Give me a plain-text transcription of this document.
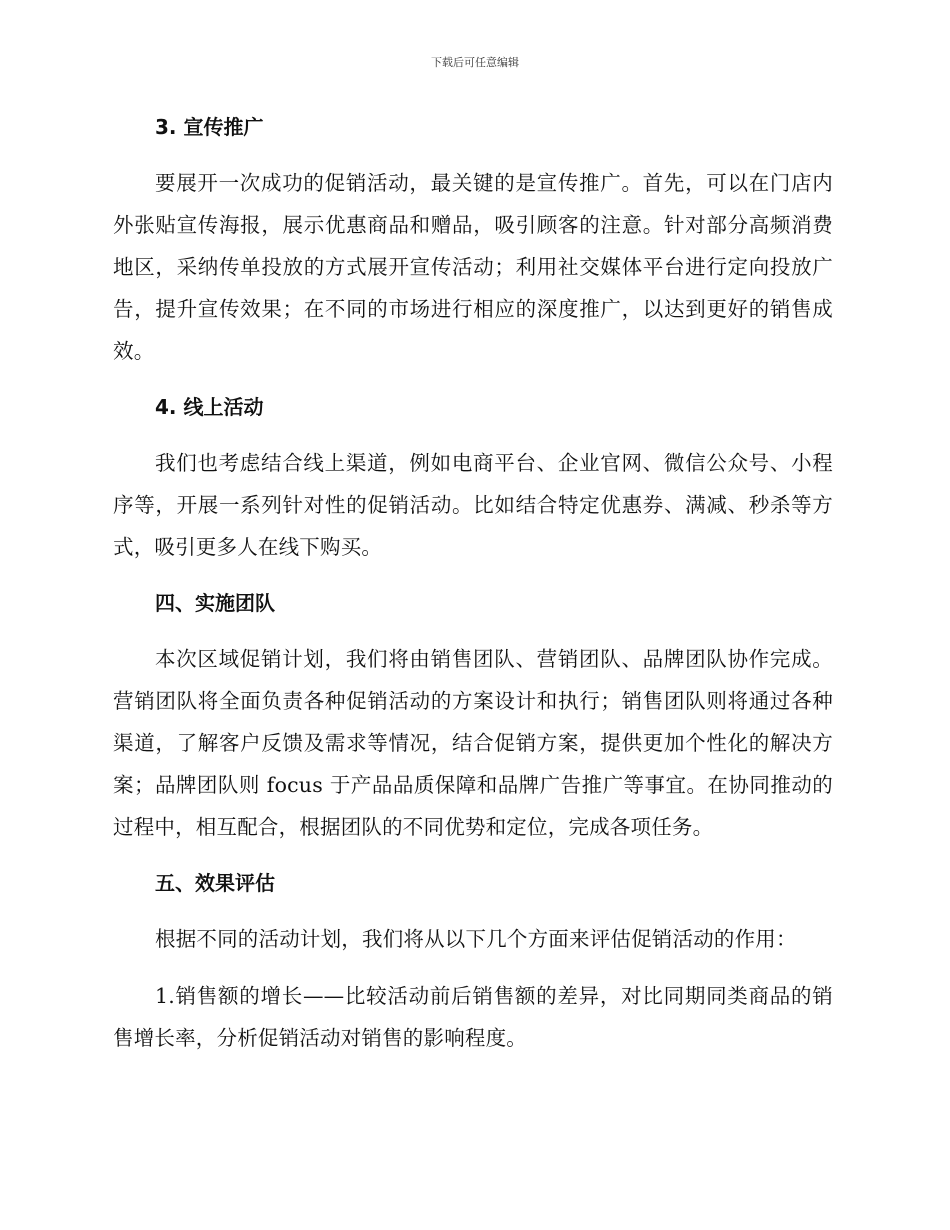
下载后可任意编辑
3. 宣传推广

要展开一次成功的促销活动，最关键的是宣传推广。首先，可以在门店内外张贴宣传海报，展示优惠商品和赠品，吸引顾客的注意。针对部分高频消费地区，采纳传单投放的方式展开宣传活动；利用社交媒体平台进行定向投放广告，提升宣传效果；在不同的市场进行相应的深度推广，以达到更好的销售成效。

4. 线上活动

我们也考虑结合线上渠道，例如电商平台、企业官网、微信公众号、小程序等，开展一系列针对性的促销活动。比如结合特定优惠券、满减、秒杀等方式，吸引更多人在线下购买。

四、实施团队

本次区域促销计划，我们将由销售团队、营销团队、品牌团队协作完成。营销团队将全面负责各种促销活动的方案设计和执行；销售团队则将通过各种渠道，了解客户反馈及需求等情况，结合促销方案，提供更加个性化的解决方案；品牌团队则 focus 于产品品质保障和品牌广告推广等事宜。在协同推动的过程中，相互配合，根据团队的不同优势和定位，完成各项任务。

五、效果评估

根据不同的活动计划，我们将从以下几个方面来评估促销活动的作用：

1.销售额的增长——比较活动前后销售额的差异，对比同期同类商品的销售增长率，分析促销活动对销售的影响程度。
